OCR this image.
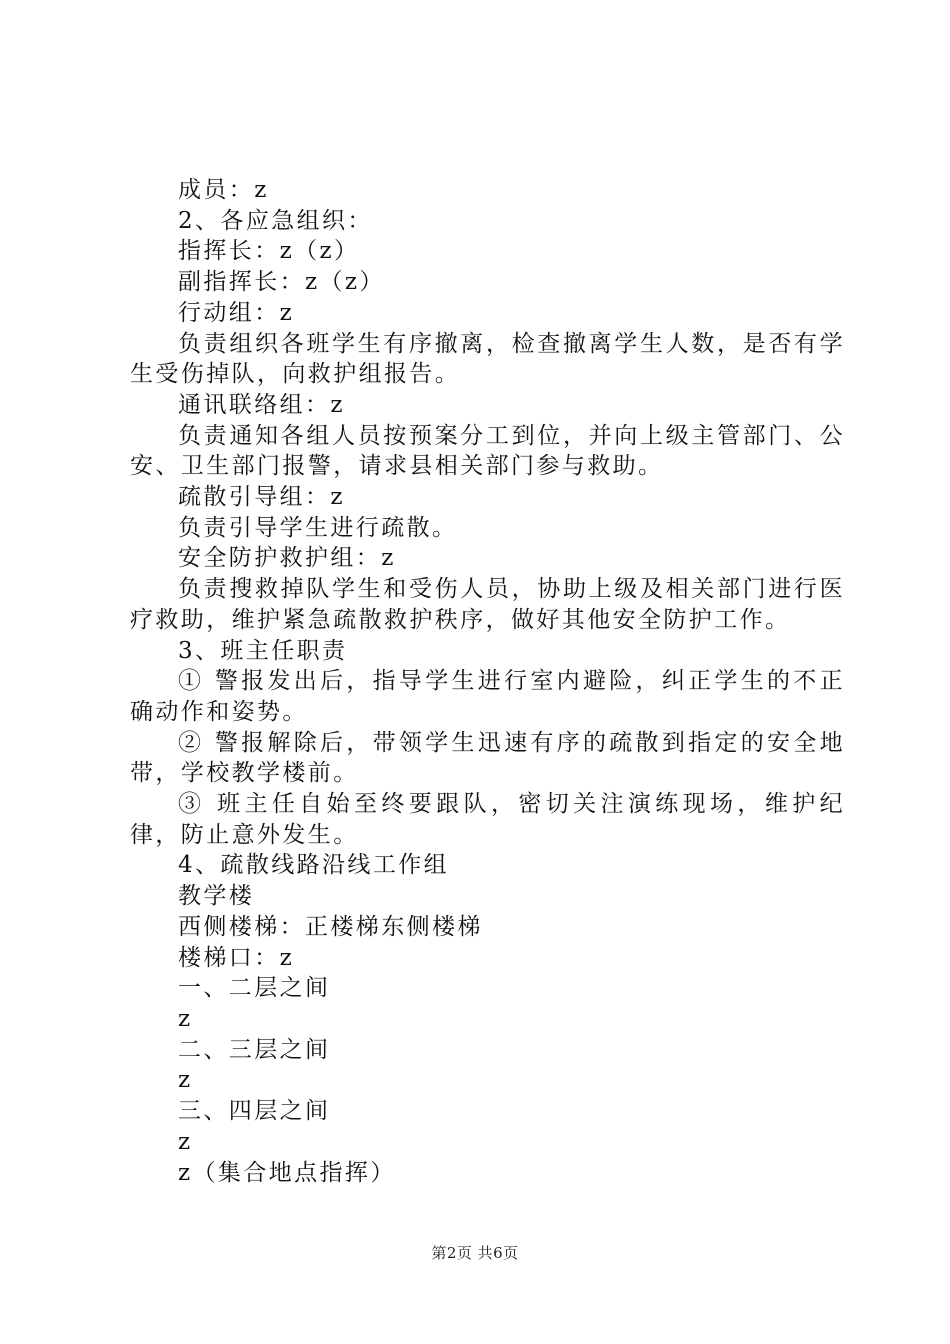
成员：z
2、各应急组织：
指挥长：z（z）
副指挥长：z（z）
行动组：z

负责组织各班学生有序撤离，检查撤离学生人数，是否有学生受伤掉队，向救护组报告。

通讯联络组：z

负责通知各组人员按预案分工到位，并向上级主管部门、公安、卫生部门报警，请求县相关部门参与救助。

疏散引导组：z
负责引导学生进行疏散。
安全防护救护组：z

负责搜救掉队学生和受伤人员，协助上级及相关部门进行医疗救助，维护紧急疏散救护秩序，做好其他安全防护工作。

3、班主任职责

① 警报发出后，指导学生进行室内避险，纠正学生的不正确动作和姿势。

② 警报解除后，带领学生迅速有序的疏散到指定的安全地带，学校教学楼前。

③ 班主任自始至终要跟队，密切关注演练现场，维护纪律，防止意外发生。

4、疏散线路沿线工作组
教学楼
西侧楼梯：正楼梯东侧楼梯
楼梯口：z
一、二层之间
z
二、三层之间
z
三、四层之间
z
z（集合地点指挥）
第2页 共6页
